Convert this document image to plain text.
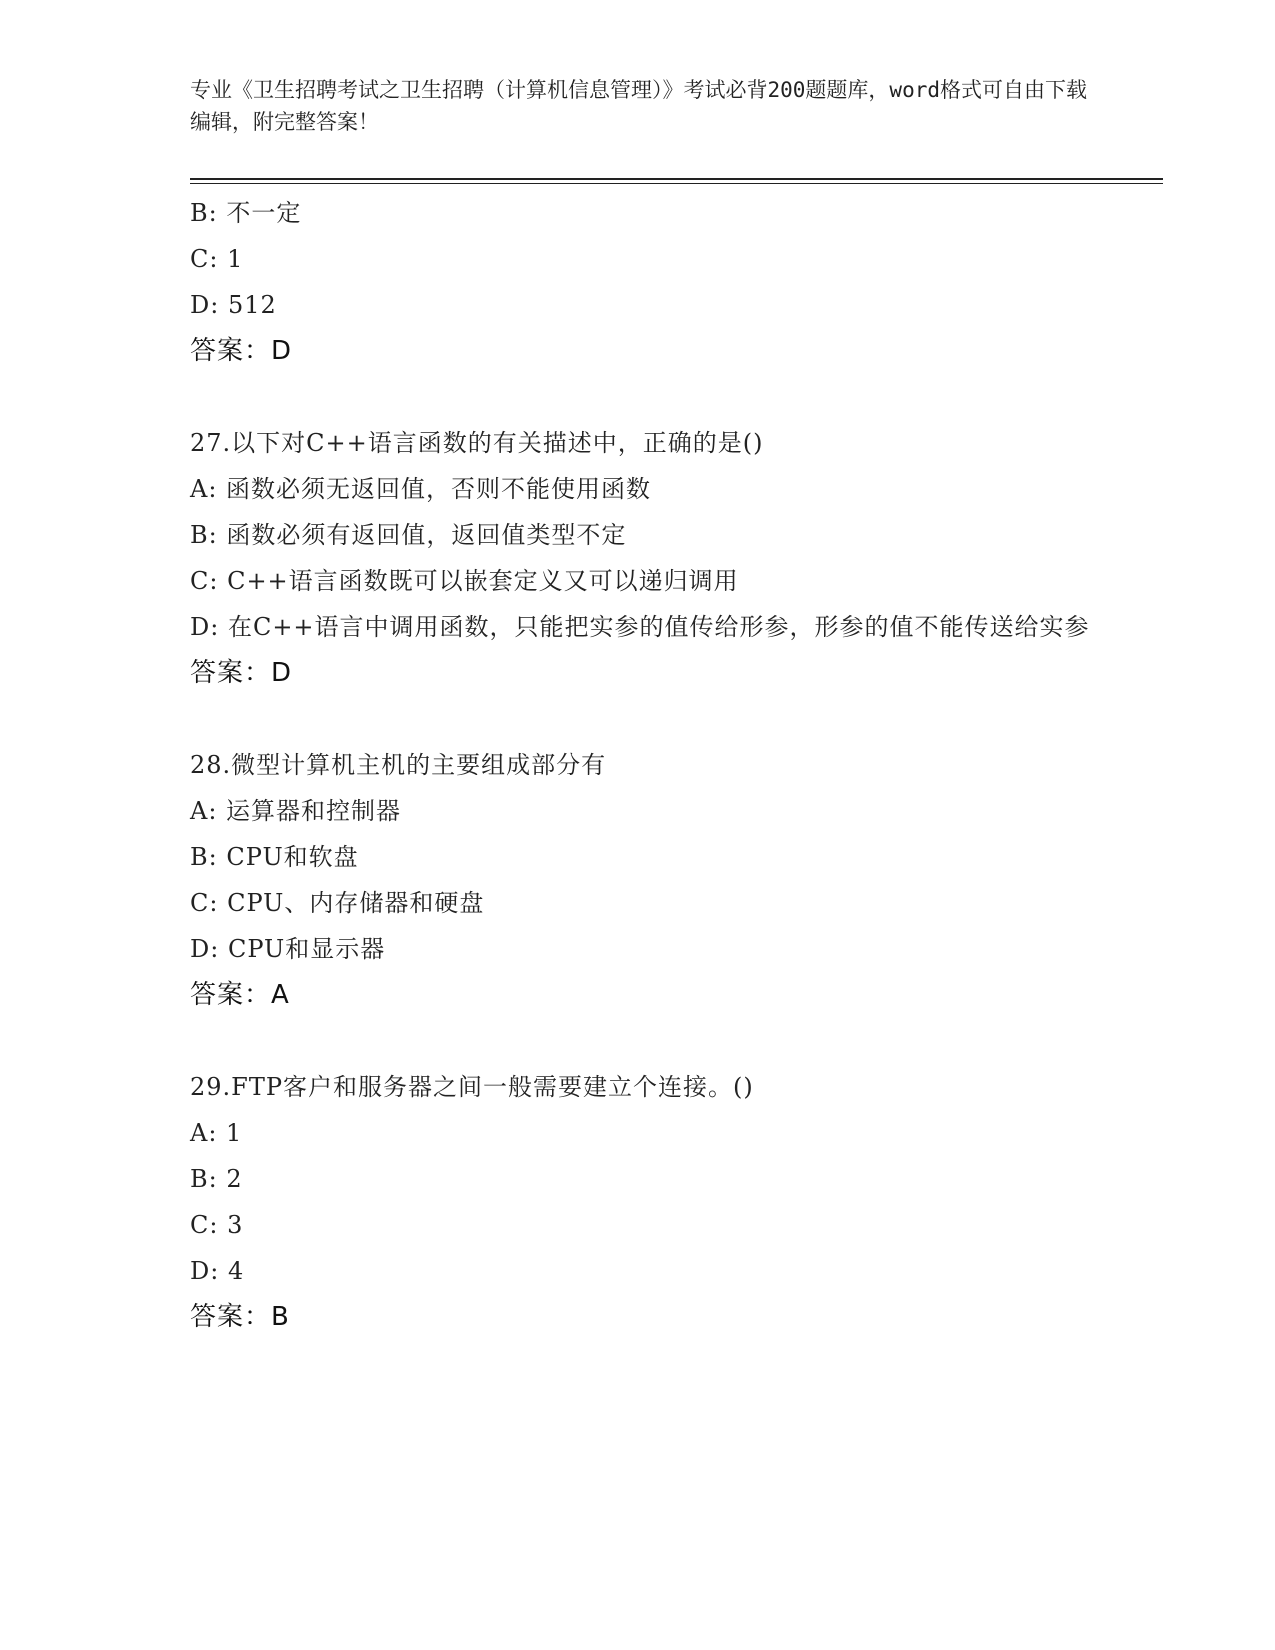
专业《卫生招聘考试之卫生招聘（计算机信息管理）》考试必背200题题库，word格式可自由下载编辑，附完整答案！
B: 不一定
C: 1
D: 512
答案：D
27.以下对C++语言函数的有关描述中，正确的是()
A: 函数必须无返回值，否则不能使用函数
B: 函数必须有返回值，返回值类型不定
C: C++语言函数既可以嵌套定义又可以递归调用
D: 在C++语言中调用函数，只能把实参的值传给形参，形参的值不能传送给实参
答案：D
28.微型计算机主机的主要组成部分有
A: 运算器和控制器
B: CPU和软盘
C: CPU、内存储器和硬盘
D: CPU和显示器
答案：A
29.FTP客户和服务器之间一般需要建立个连接。()
A: 1
B: 2
C: 3
D: 4
答案：B
